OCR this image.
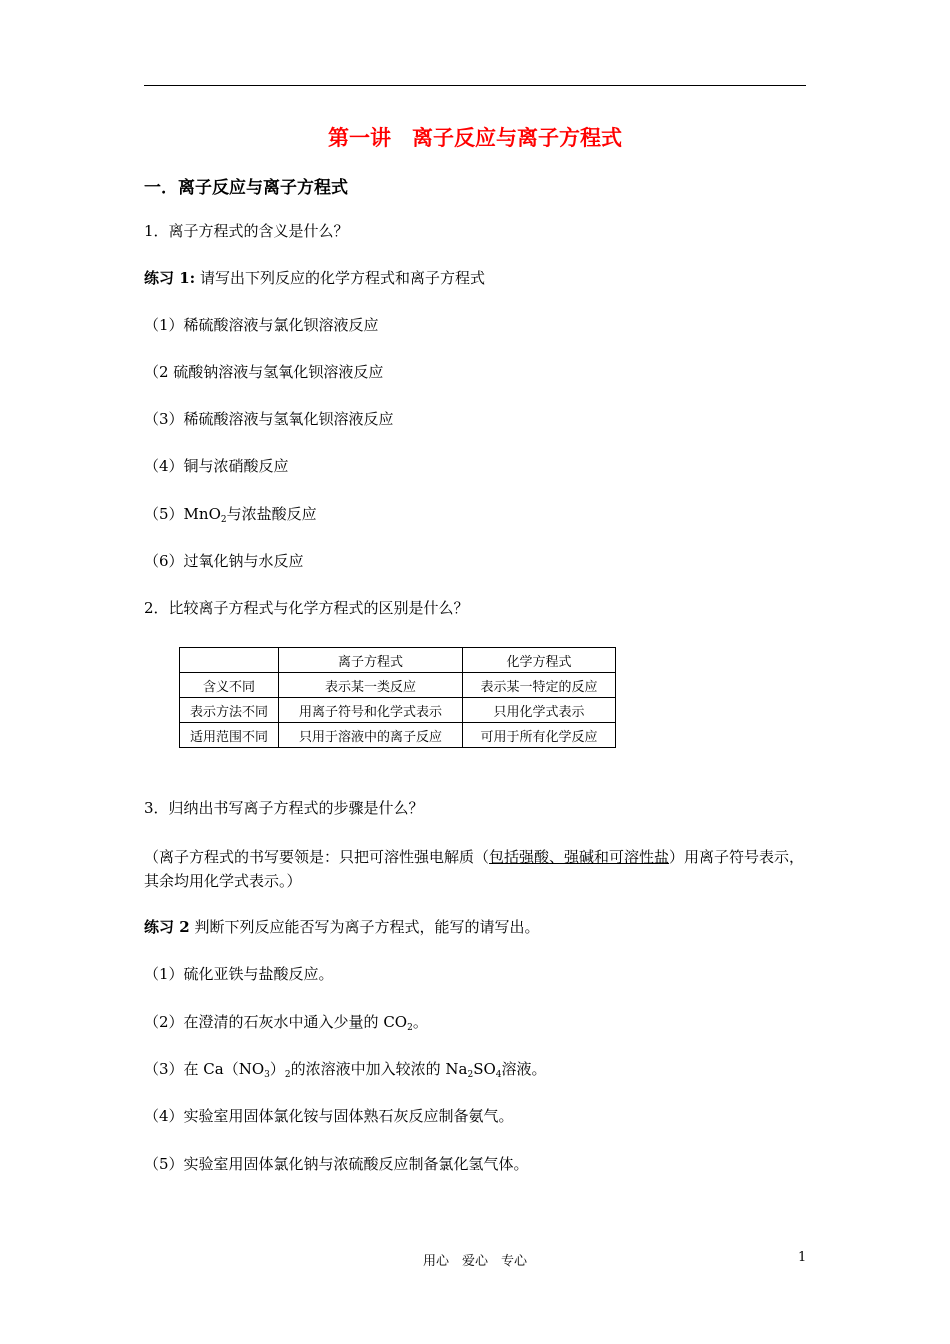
第一讲　离子反应与离子方程式
一．离子反应与离子方程式
1．离子方程式的含义是什么？
练习 1: 请写出下列反应的化学方程式和离子方程式
（1）稀硫酸溶液与氯化钡溶液反应
（2 硫酸钠溶液与氢氧化钡溶液反应
（3）稀硫酸溶液与氢氧化钡溶液反应
（4）铜与浓硝酸反应
（5）MnO$_2$与浓盐酸反应
（6）过氧化钠与水反应
2．比较离子方程式与化学方程式的区别是什么？
	离子方程式	化学方程式
含义不同	表示某一类反应	表示某一特定的反应
表示方法不同	用离子符号和化学式表示	只用化学式表示
适用范围不同	只用于溶液中的离子反应	可用于所有化学反应
3．归纳出书写离子方程式的步骤是什么？
（离子方程式的书写要领是：只把可溶性强电解质（包括强酸、强碱和可溶性盐）用离子符号表示，其余均用化学式表示。）
练习 2 判断下列反应能否写为离子方程式，能写的请写出。
（1）硫化亚铁与盐酸反应。
（2）在澄清的石灰水中通入少量的 $CO_2$。
（3）在 $Ca(NO_3)_2$的浓溶液中加入较浓的 $Na_2SO_4$溶液。
（4）实验室用固体氯化铵与固体熟石灰反应制备氨气。
（5）实验室用固体氯化钠与浓硫酸反应制备氯化氢气体。
用心　爱心　专心	1
